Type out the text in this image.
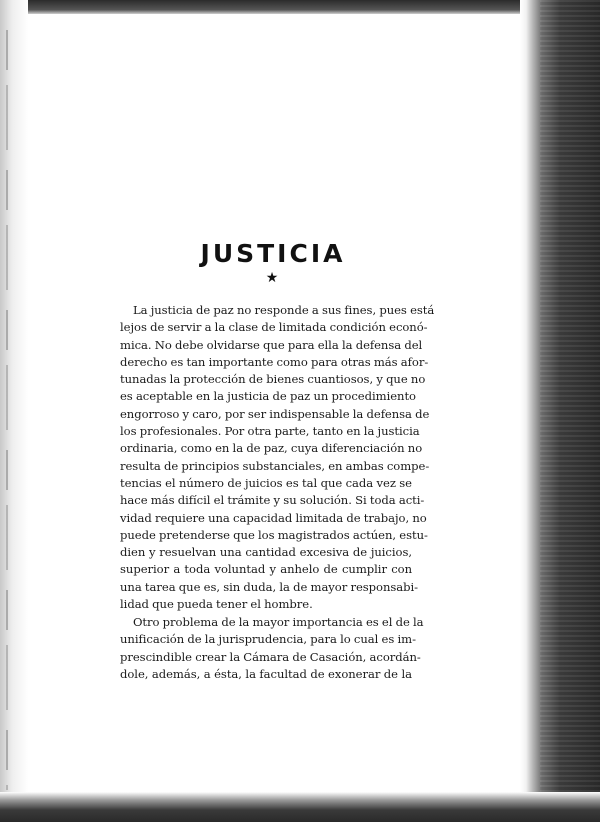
JUSTICIA
★
La justicia de paz no responde a sus fines, pues está
lejos de servir a la clase de limitada condición econó-
mica. No debe olvidarse que para ella la defensa del
derecho es tan importante como para otras más afor-
tunadas la protección de bienes cuantiosos, y que no
es aceptable en la justicia de paz un procedimiento
engorroso y caro, por ser indispensable la defensa de
los profesionales. Por otra parte, tanto en la justicia
ordinaria, como en la de paz, cuya diferenciación no
resulta de principios substanciales, en ambas compe-
tencias el número de juicios es tal que cada vez se
hace más difícil el trámite y su solución. Si toda acti-
vidad requiere una capacidad limitada de trabajo, no
puede pretenderse que los magistrados actúen, estu-
dien y resuelvan una cantidad excesiva de juicios,
superior a toda voluntad y anhelo de cumplir con
una tarea que es, sin duda, la de mayor responsabi-
lidad que pueda tener el hombre.
Otro problema de la mayor importancia es el de la
unificación de la jurisprudencia, para lo cual es im-
prescindible crear la Cámara de Casación, acordán-
dole, además, a ésta, la facultad de exonerar de la
